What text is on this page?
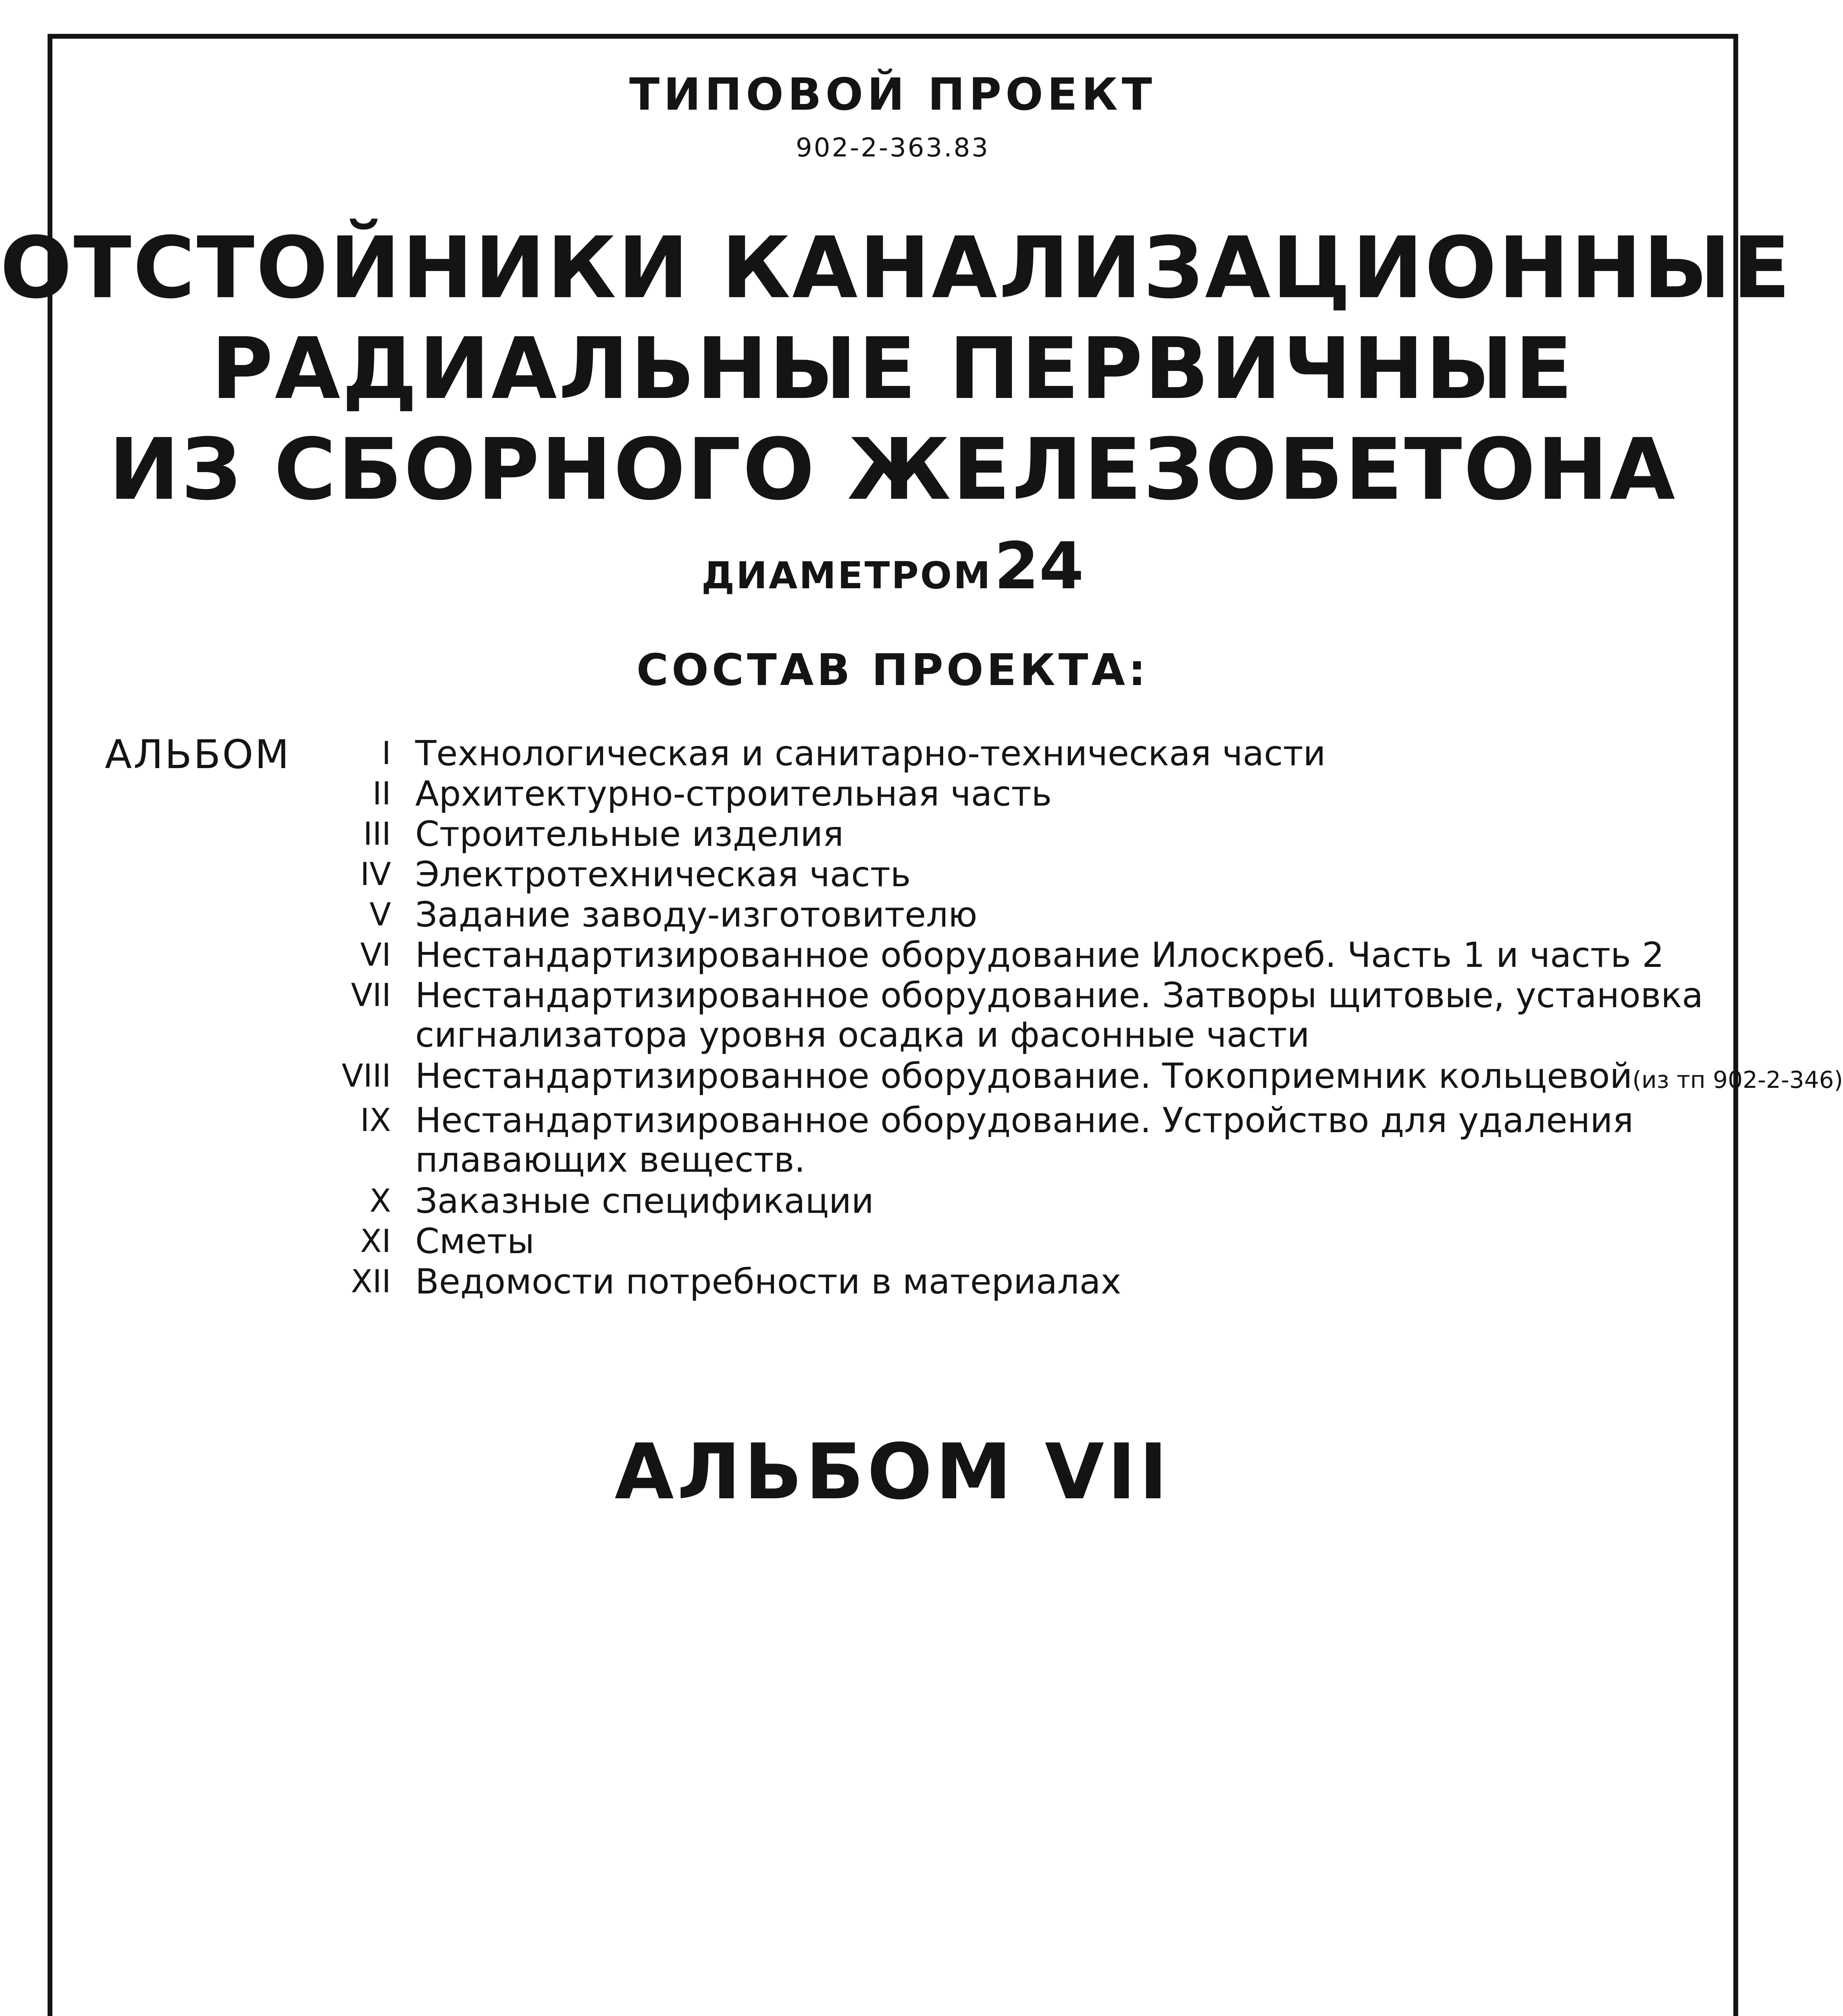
ТИПОВОЙ ПРОЕКТ
902-2-363.83
ОТСТОЙНИКИ КАНАЛИЗАЦИОННЫЕ
РАДИАЛЬНЫЕ ПЕРВИЧНЫЕ
ИЗ СБОРНОГО ЖЕЛЕЗОБЕТОНА
ДИАМЕТРОМ 24
СОСТАВ ПРОЕКТА:
АЛЬБОМ	I Технологическая и санитарно-техническая части
II Архитектурно-строительная часть
III Строительные изделия
IV Электротехническая часть
V Задание заводу-изготовителю
VI Нестандартизированное оборудование Илоскреб. Часть 1 и часть 2
VII Нестандартизированное оборудование. Затворы щитовые, установка
сигнализатора уровня осадка и фасонные части
VIII Нестандартизированное оборудование. Токоприемник кольцевой(из тп 902-2-346)
IX Нестандартизированное оборудование. Устройство для удаления
плавающих веществ.
X Заказные спецификации
XI Сметы
XII Ведомости потребности в материалах
АЛЬБОМ VII
